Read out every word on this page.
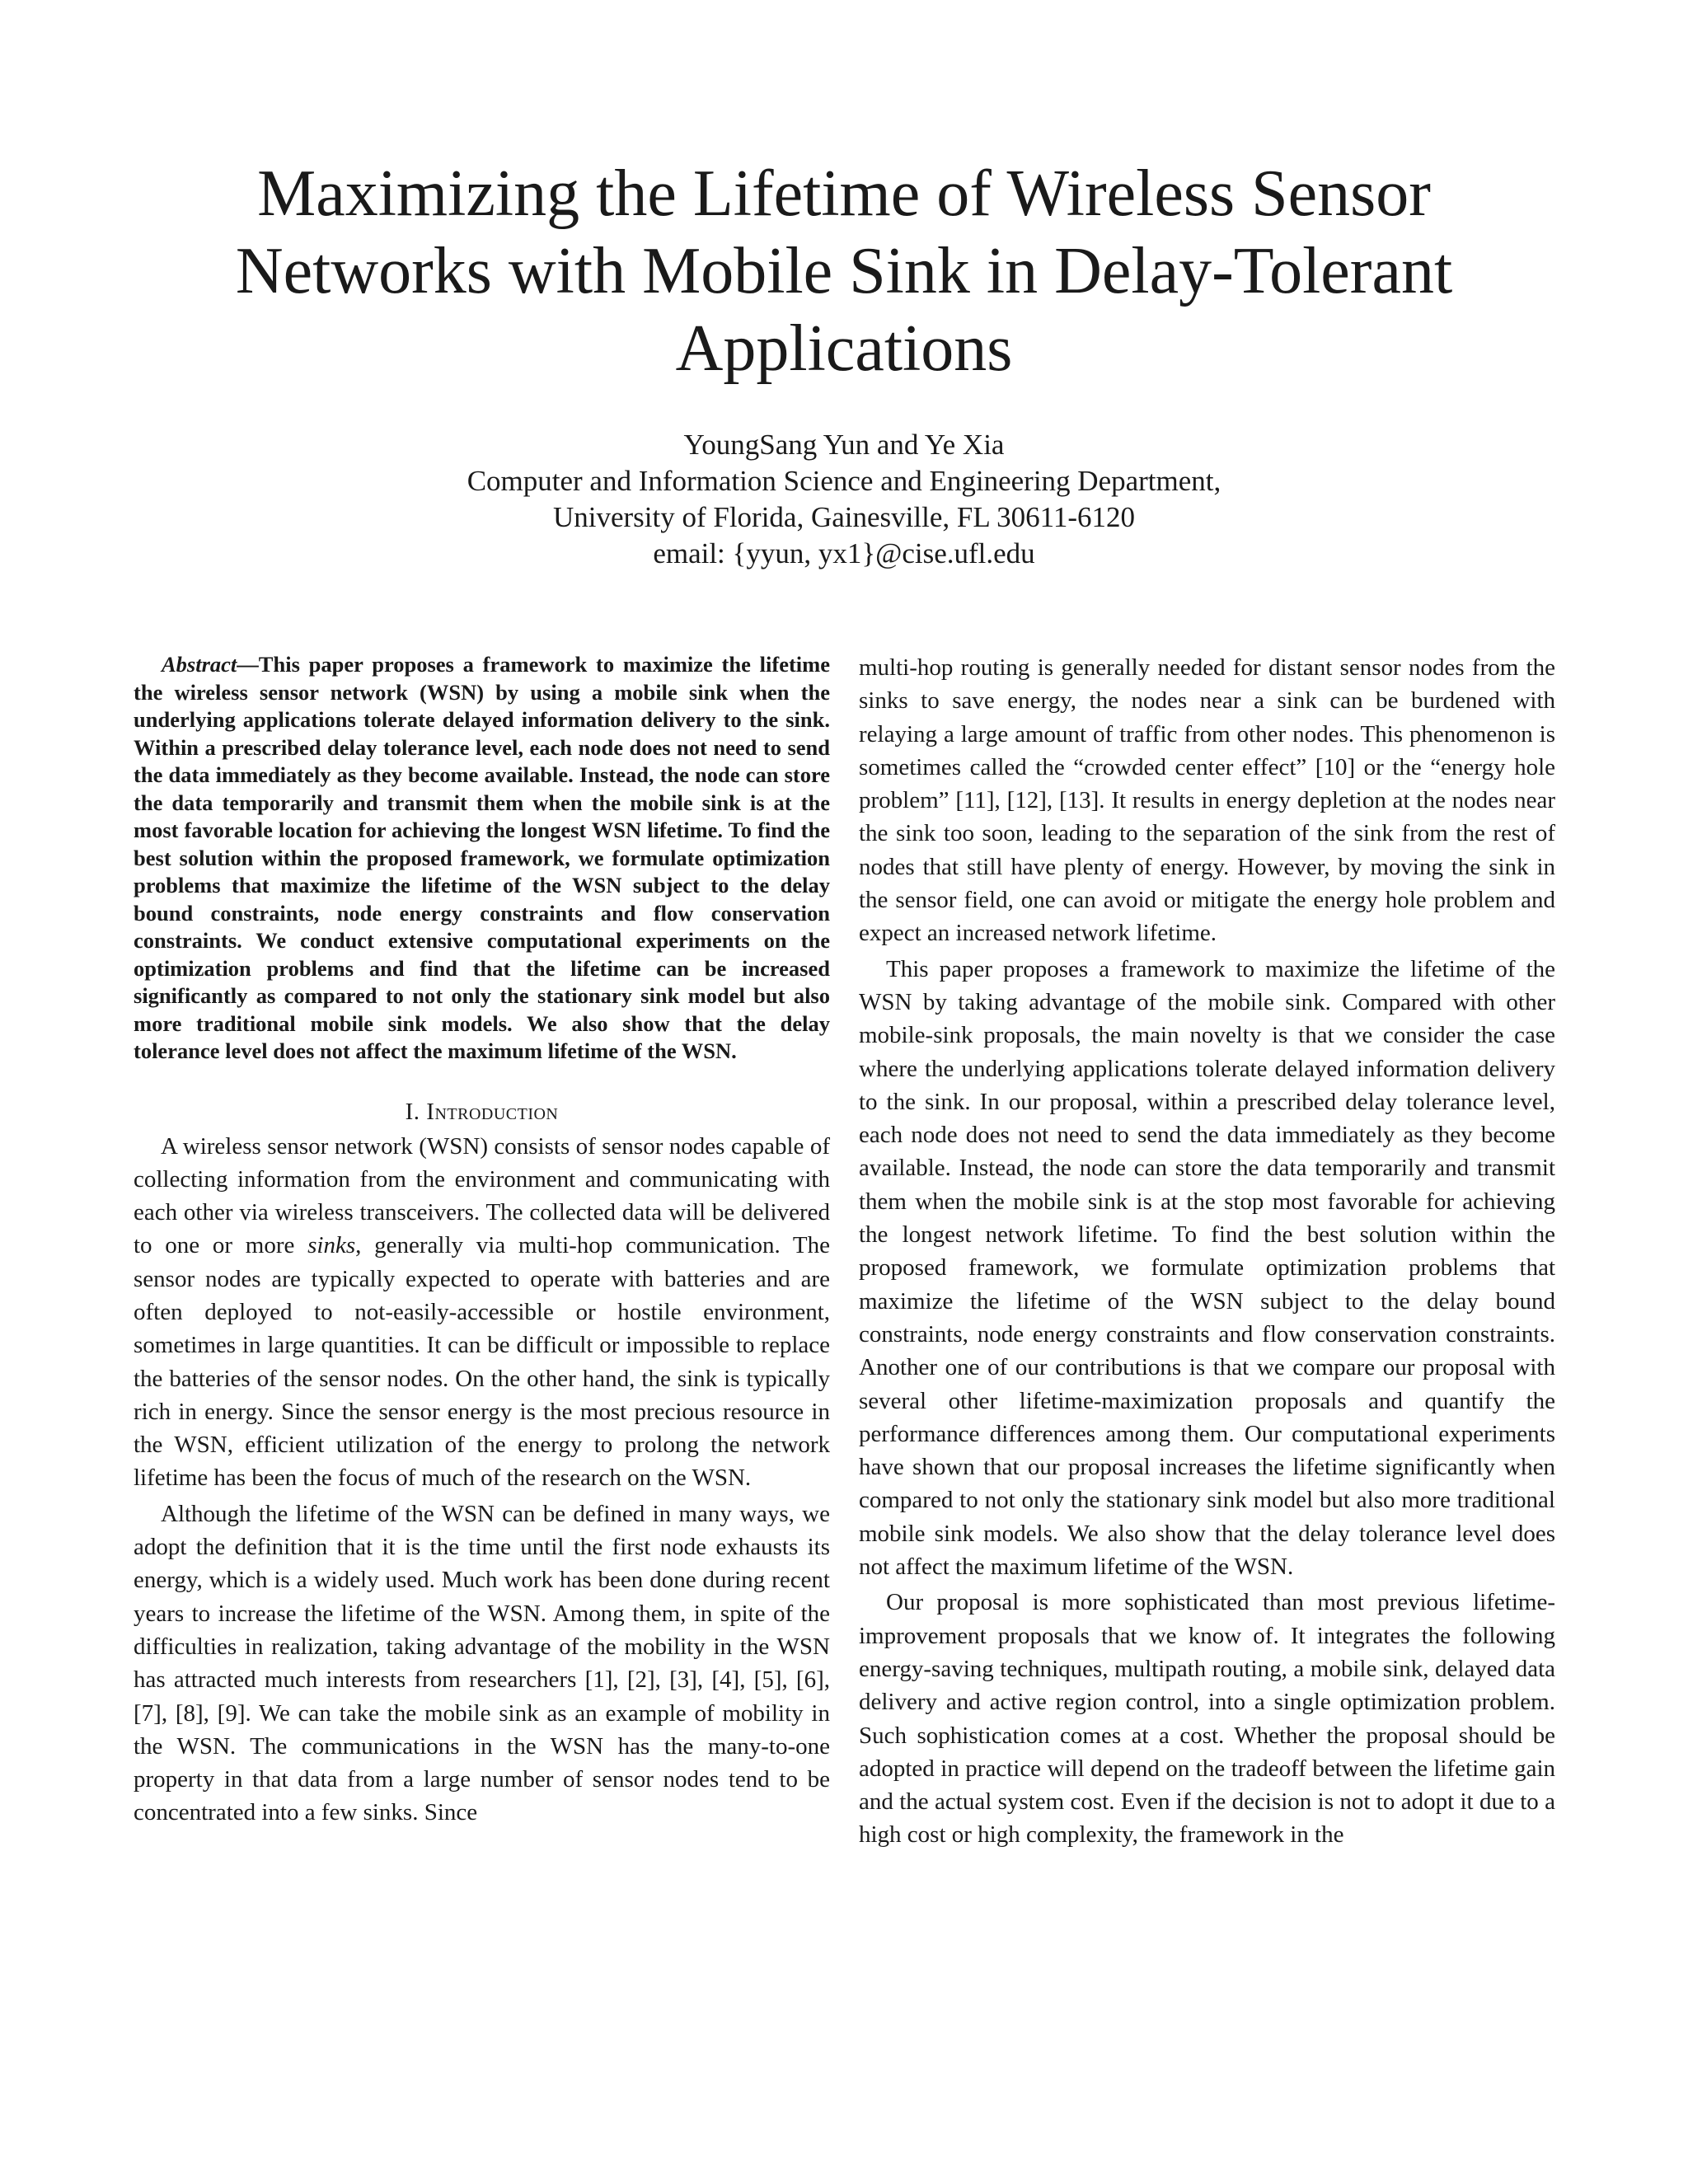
Maximizing the Lifetime of Wireless Sensor Networks with Mobile Sink in Delay-Tolerant Applications
YoungSang Yun and Ye Xia
Computer and Information Science and Engineering Department,
University of Florida, Gainesville, FL 30611-6120
email: {yyun, yx1}@cise.ufl.edu

Abstract—This paper proposes a framework to maximize the lifetime the wireless sensor network (WSN) by using a mobile sink when the underlying applications tolerate delayed information delivery to the sink. Within a prescribed delay tolerance level, each node does not need to send the data immediately as they become available. Instead, the node can store the data temporarily and transmit them when the mobile sink is at the most favorable location for achieving the longest WSN lifetime. To find the best solution within the proposed framework, we formulate optimization problems that maximize the lifetime of the WSN subject to the delay bound constraints, node energy constraints and flow conservation constraints. We conduct extensive computational experiments on the optimization problems and find that the lifetime can be increased significantly as compared to not only the stationary sink model but also more traditional mobile sink models. We also show that the delay tolerance level does not affect the maximum lifetime of the WSN.

I. Introduction

A wireless sensor network (WSN) consists of sensor nodes capable of collecting information from the environment and communicating with each other via wireless transceivers. The collected data will be delivered to one or more sinks, generally via multi-hop communication. The sensor nodes are typically expected to operate with batteries and are often deployed to not-easily-accessible or hostile environment, sometimes in large quantities. It can be difficult or impossible to replace the batteries of the sensor nodes. On the other hand, the sink is typically rich in energy. Since the sensor energy is the most precious resource in the WSN, efficient utilization of the energy to prolong the network lifetime has been the focus of much of the research on the WSN.

Although the lifetime of the WSN can be defined in many ways, we adopt the definition that it is the time until the first node exhausts its energy, which is a widely used. Much work has been done during recent years to increase the lifetime of the WSN. Among them, in spite of the difficulties in realization, taking advantage of the mobility in the WSN has attracted much interests from researchers [1], [2], [3], [4], [5], [6], [7], [8], [9]. We can take the mobile sink as an example of mobility in the WSN. The communications in the WSN has the many-to-one property in that data from a large number of sensor nodes tend to be concentrated into a few sinks. Since

multi-hop routing is generally needed for distant sensor nodes from the sinks to save energy, the nodes near a sink can be burdened with relaying a large amount of traffic from other nodes. This phenomenon is sometimes called the “crowded center effect” [10] or the “energy hole problem” [11], [12], [13]. It results in energy depletion at the nodes near the sink too soon, leading to the separation of the sink from the rest of nodes that still have plenty of energy. However, by moving the sink in the sensor field, one can avoid or mitigate the energy hole problem and expect an increased network lifetime.

This paper proposes a framework to maximize the lifetime of the WSN by taking advantage of the mobile sink. Compared with other mobile-sink proposals, the main novelty is that we consider the case where the underlying applications tolerate delayed information delivery to the sink. In our proposal, within a prescribed delay tolerance level, each node does not need to send the data immediately as they become available. Instead, the node can store the data temporarily and transmit them when the mobile sink is at the stop most favorable for achieving the longest network lifetime. To find the best solution within the proposed framework, we formulate optimization problems that maximize the lifetime of the WSN subject to the delay bound constraints, node energy constraints and flow conservation constraints. Another one of our contributions is that we compare our proposal with several other lifetime-maximization proposals and quantify the performance differences among them. Our computational experiments have shown that our proposal increases the lifetime significantly when compared to not only the stationary sink model but also more traditional mobile sink models. We also show that the delay tolerance level does not affect the maximum lifetime of the WSN.

Our proposal is more sophisticated than most previous lifetime-improvement proposals that we know of. It integrates the following energy-saving techniques, multipath routing, a mobile sink, delayed data delivery and active region control, into a single optimization problem. Such sophistication comes at a cost. Whether the proposal should be adopted in practice will depend on the tradeoff between the lifetime gain and the actual system cost. Even if the decision is not to adopt it due to a high cost or high complexity, the framework in the
